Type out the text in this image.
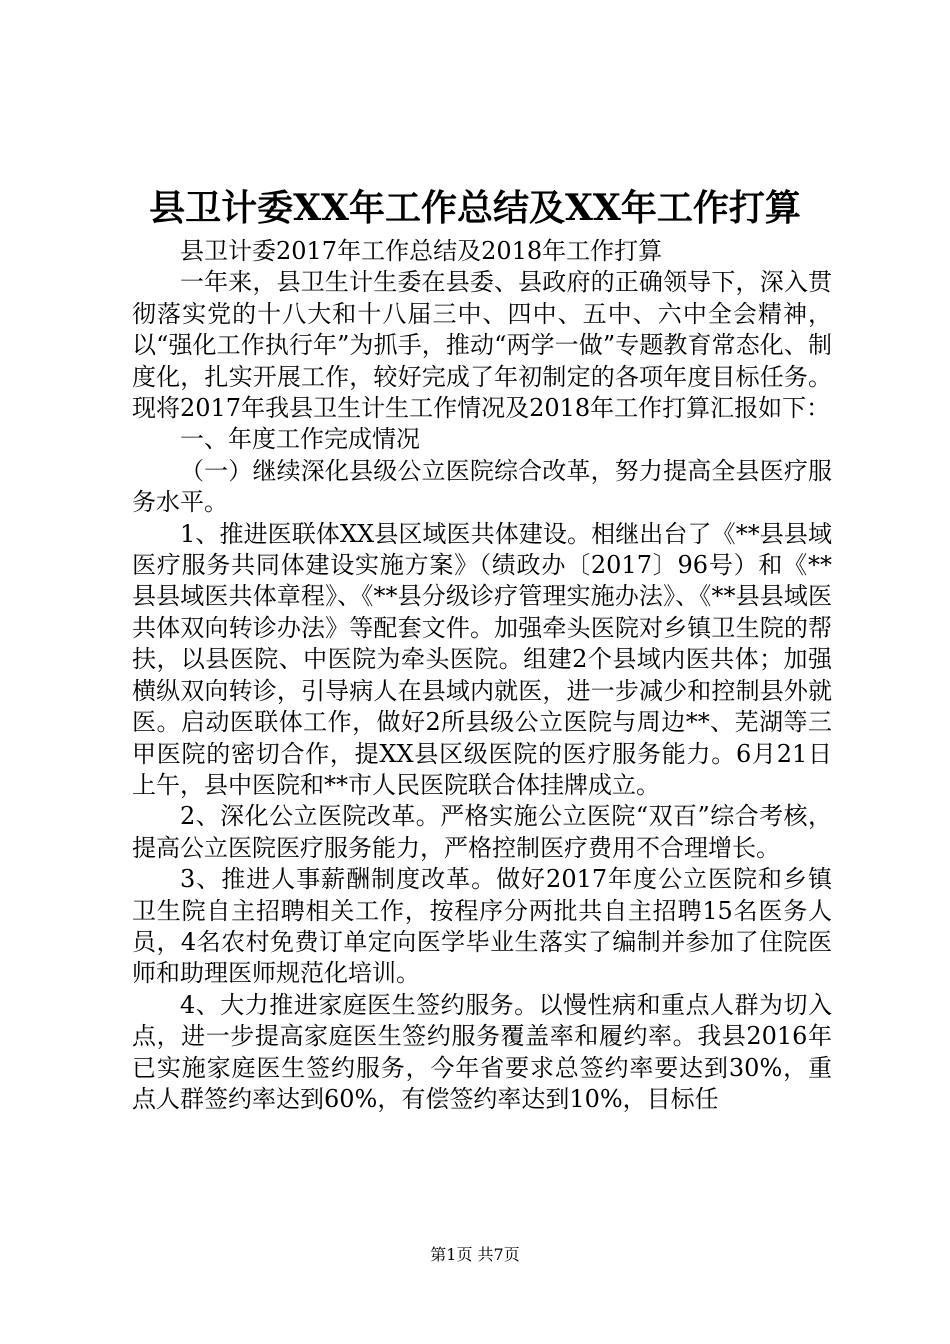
县卫计委XX年工作总结及XX年工作打算

县卫计委2017年工作总结及2018年工作打算

一年来，县卫生计生委在县委、县政府的正确领导下，深入贯彻落实党的十八大和十八届三中、四中、五中、六中全会精神，以“强化工作执行年”为抓手，推动“两学一做”专题教育常态化、制度化，扎实开展工作，较好完成了年初制定的各项年度目标任务。现将2017年我县卫生计生工作情况及2018年工作打算汇报如下：

一、年度工作完成情况

（一）继续深化县级公立医院综合改革，努力提高全县医疗服务水平。

1、推进医联体XX县区域医共体建设。相继出台了《**县县域医疗服务共同体建设实施方案》（绩政办〔2017〕96号）和《**县县域医共体章程》、《**县分级诊疗管理实施办法》、《**县县域医共体双向转诊办法》等配套文件。加强牵头医院对乡镇卫生院的帮扶，以县医院、中医院为牵头医院。组建2个县域内医共体；加强横纵双向转诊，引导病人在县域内就医，进一步减少和控制县外就医。启动医联体工作，做好2所县级公立医院与周边**、芜湖等三甲医院的密切合作，提XX县区级医院的医疗服务能力。6月21日上午，县中医院和**市人民医院联合体挂牌成立。

2、深化公立医院改革。严格实施公立医院“双百”综合考核，提高公立医院医疗服务能力，严格控制医疗费用不合理增长。

3、推进人事薪酬制度改革。做好2017年度公立医院和乡镇卫生院自主招聘相关工作，按程序分两批共自主招聘15名医务人员，4名农村免费订单定向医学毕业生落实了编制并参加了住院医师和助理医师规范化培训。

4、大力推进家庭医生签约服务。以慢性病和重点人群为切入点，进一步提高家庭医生签约服务覆盖率和履约率。我县2016年已实施家庭医生签约服务，今年省要求总签约率要达到30%，重点人群签约率达到60%，有偿签约率达到10%，目标任

第1页 共7页
